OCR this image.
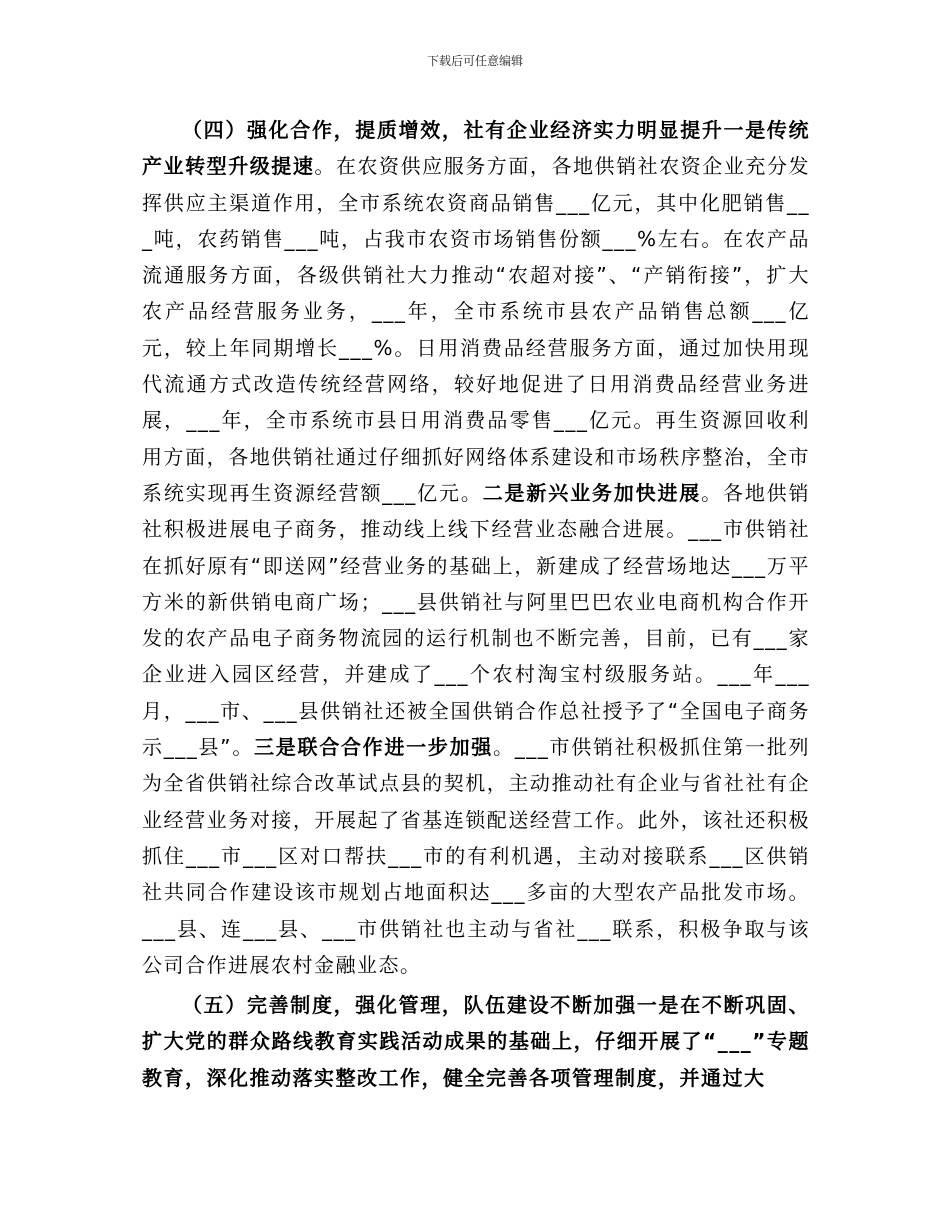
下载后可任意编辑

（四）强化合作，提质增效，社有企业经济实力明显提升一是传统产业转型升级提速。在农资供应服务方面，各地供销社农资企业充分发挥供应主渠道作用，全市系统农资商品销售___亿元，其中化肥销售___吨，农药销售___吨，占我市农资市场销售份额___%左右。在农产品流通服务方面，各级供销社大力推动“农超对接”、“产销衔接”，扩大农产品经营服务业务，___年，全市系统市县农产品销售总额___亿元，较上年同期增长___%。日用消费品经营服务方面，通过加快用现代流通方式改造传统经营网络，较好地促进了日用消费品经营业务进展，___年，全市系统市县日用消费品零售___亿元。再生资源回收利用方面，各地供销社通过仔细抓好网络体系建设和市场秩序整治，全市系统实现再生资源经营额___亿元。二是新兴业务加快进展。各地供销社积极进展电子商务，推动线上线下经营业态融合进展。___市供销社在抓好原有“即送网”经营业务的基础上，新建成了经营场地达___万平方米的新供销电商广场；___县供销社与阿里巴巴农业电商机构合作开发的农产品电子商务物流园的运行机制也不断完善，目前，已有___家企业进入园区经营，并建成了___个农村淘宝村级服务站。___年___月，___市、___县供销社还被全国供销合作总社授予了“全国电子商务示___县”。三是联合合作进一步加强。___市供销社积极抓住第一批列为全省供销社综合改革试点县的契机，主动推动社有企业与省社社有企业经营业务对接，开展起了省基连锁配送经营工作。此外，该社还积极抓住___市___区对口帮扶___市的有利机遇，主动对接联系___区供销社共同合作建设该市规划占地面积达___多亩的大型农产品批发市场。___县、连___县、___市供销社也主动与省社___联系，积极争取与该公司合作进展农村金融业态。

（五）完善制度，强化管理，队伍建设不断加强一是在不断巩固、扩大党的群众路线教育实践活动成果的基础上，仔细开展了“___”专题教育，深化推动落实整改工作，健全完善各项管理制度，并通过大
